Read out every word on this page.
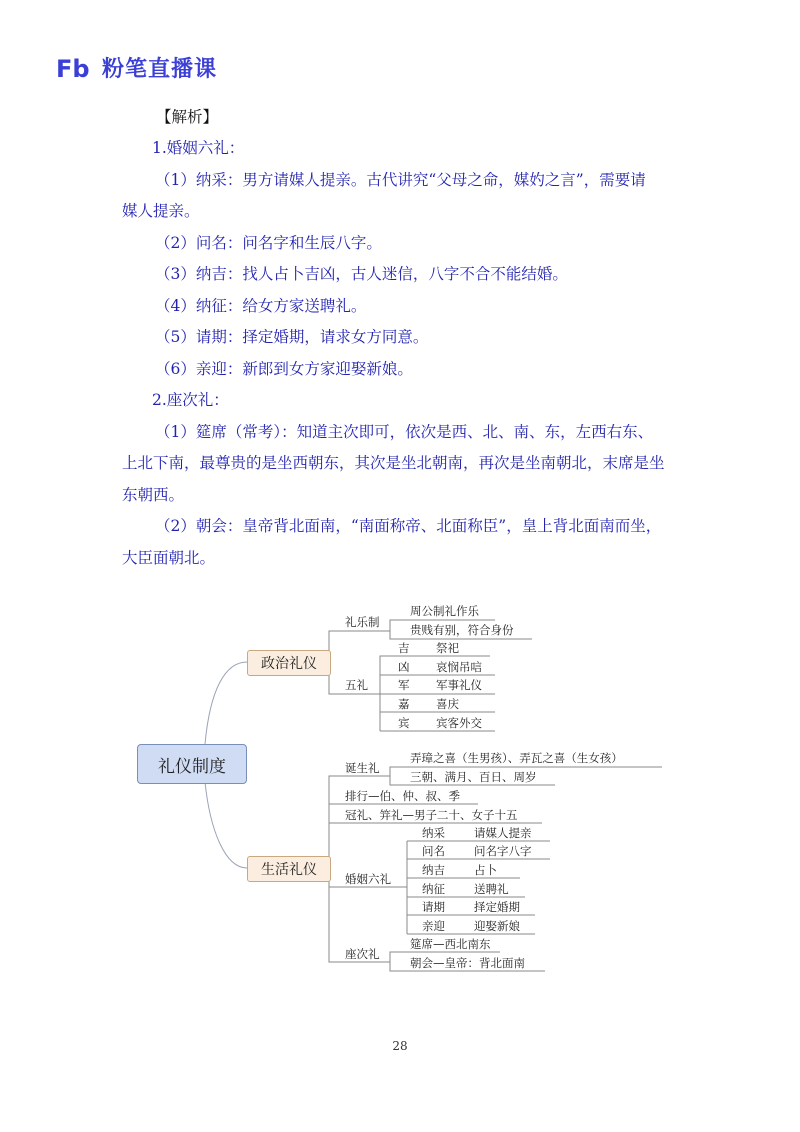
Fb 粉笔直播课
【解析】
1.婚姻六礼：
（1）纳采：男方请媒人提亲。古代讲究“父母之命，媒妁之言”，需要请
媒人提亲。
（2）问名：问名字和生辰八字。
（3）纳吉：找人占卜吉凶，古人迷信，八字不合不能结婚。
（4）纳征：给女方家送聘礼。
（5）请期：择定婚期，请求女方同意。
（6）亲迎：新郎到女方家迎娶新娘。
2.座次礼：
（1）筵席（常考）：知道主次即可，依次是西、北、南、东，左西右东、
上北下南，最尊贵的是坐西朝东，其次是坐北朝南，再次是坐南朝北，末席是坐
东朝西。
（2）朝会：皇帝背北面南，“南面称帝、北面称臣”，皇上背北面南而坐，
大臣面朝北。
礼仪制度
政治礼仪
生活礼仪
礼乐制
周公制礼作乐
贵贱有别，符合身份
五礼
吉 祭祀
凶 哀悯吊唁
军 军事礼仪
嘉 喜庆
宾 宾客外交
诞生礼
弄璋之喜（生男孩）、弄瓦之喜（生女孩）
三朝、满月、百日、周岁
排行—伯、仲、叔、季
冠礼、笄礼—男子二十、女子十五
婚姻六礼
纳采	请媒人提亲
问名	问名字八字
纳吉	占卜
纳征	送聘礼
请期	择定婚期
亲迎	迎娶新娘
座次礼
筵席—西北南东
朝会—皇帝：背北面南
28
